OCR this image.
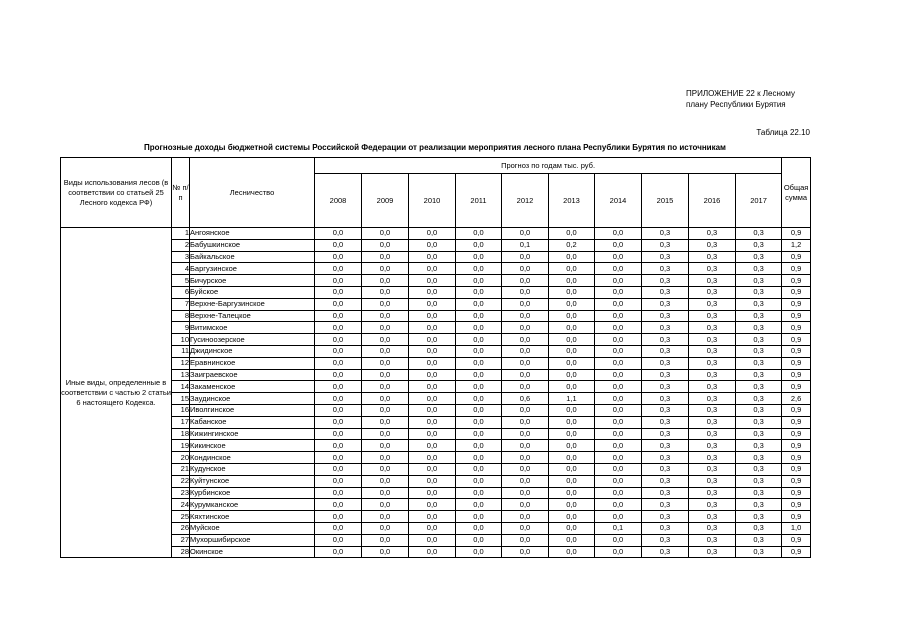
ПРИЛОЖЕНИЕ 22 к Лесному
плану Республики Бурятия
Таблица 22.10
Прогнозные доходы бюджетной системы Российской Федерации от реализации мероприятия лесного плана Республики Бурятия по источникам
Виды использования лесов (в соответствии со статьей 25 Лесного кодекса РФ)	№ п/п	Лесничество	Прогноз по годам тыс. руб.										Общая сумма
			2008	2009	2010	2011	2012	2013	2014	2015	2016	2017	
Иные виды, определенные в соответствии с частью 2 статьи 6 настоящего Кодекса.	1	Ангоянское	0,0	0,0	0,0	0,0	0,0	0,0	0,0	0,3	0,3	0,3	0,9
	2	Бабушкинское	0,0	0,0	0,0	0,0	0,1	0,2	0,0	0,3	0,3	0,3	1,2
	3	Байкальское	0,0	0,0	0,0	0,0	0,0	0,0	0,0	0,3	0,3	0,3	0,9
	4	Баргузинское	0,0	0,0	0,0	0,0	0,0	0,0	0,0	0,3	0,3	0,3	0,9
	5	Бичурское	0,0	0,0	0,0	0,0	0,0	0,0	0,0	0,3	0,3	0,3	0,9
	6	Буйское	0,0	0,0	0,0	0,0	0,0	0,0	0,0	0,3	0,3	0,3	0,9
	7	Верхне-Баргузинское	0,0	0,0	0,0	0,0	0,0	0,0	0,0	0,3	0,3	0,3	0,9
	8	Верхне-Талецкое	0,0	0,0	0,0	0,0	0,0	0,0	0,0	0,3	0,3	0,3	0,9
	9	Витимское	0,0	0,0	0,0	0,0	0,0	0,0	0,0	0,3	0,3	0,3	0,9
	10	Гусиноозерское	0,0	0,0	0,0	0,0	0,0	0,0	0,0	0,3	0,3	0,3	0,9
	11	Джидинское	0,0	0,0	0,0	0,0	0,0	0,0	0,0	0,3	0,3	0,3	0,9
	12	Еравнинское	0,0	0,0	0,0	0,0	0,0	0,0	0,0	0,3	0,3	0,3	0,9
	13	Заиграевское	0,0	0,0	0,0	0,0	0,0	0,0	0,0	0,3	0,3	0,3	0,9
	14	Закаменское	0,0	0,0	0,0	0,0	0,0	0,0	0,0	0,3	0,3	0,3	0,9
	15	Заудинское	0,0	0,0	0,0	0,0	0,6	1,1	0,0	0,3	0,3	0,3	2,6
	16	Иволгинское	0,0	0,0	0,0	0,0	0,0	0,0	0,0	0,3	0,3	0,3	0,9
	17	Кабанское	0,0	0,0	0,0	0,0	0,0	0,0	0,0	0,3	0,3	0,3	0,9
	18	Кижингинское	0,0	0,0	0,0	0,0	0,0	0,0	0,0	0,3	0,3	0,3	0,9
	19	Кикинское	0,0	0,0	0,0	0,0	0,0	0,0	0,0	0,3	0,3	0,3	0,9
	20	Кондинское	0,0	0,0	0,0	0,0	0,0	0,0	0,0	0,3	0,3	0,3	0,9
	21	Кудунское	0,0	0,0	0,0	0,0	0,0	0,0	0,0	0,3	0,3	0,3	0,9
	22	Куйтунское	0,0	0,0	0,0	0,0	0,0	0,0	0,0	0,3	0,3	0,3	0,9
	23	Курбинское	0,0	0,0	0,0	0,0	0,0	0,0	0,0	0,3	0,3	0,3	0,9
	24	Курумканское	0,0	0,0	0,0	0,0	0,0	0,0	0,0	0,3	0,3	0,3	0,9
	25	Кяхтинское	0,0	0,0	0,0	0,0	0,0	0,0	0,0	0,3	0,3	0,3	0,9
	26	Муйское	0,0	0,0	0,0	0,0	0,0	0,0	0,1	0,3	0,3	0,3	1,0
	27	Мухоршибирское	0,0	0,0	0,0	0,0	0,0	0,0	0,0	0,3	0,3	0,3	0,9
	28	Окинское	0,0	0,0	0,0	0,0	0,0	0,0	0,0	0,3	0,3	0,3	0,9
